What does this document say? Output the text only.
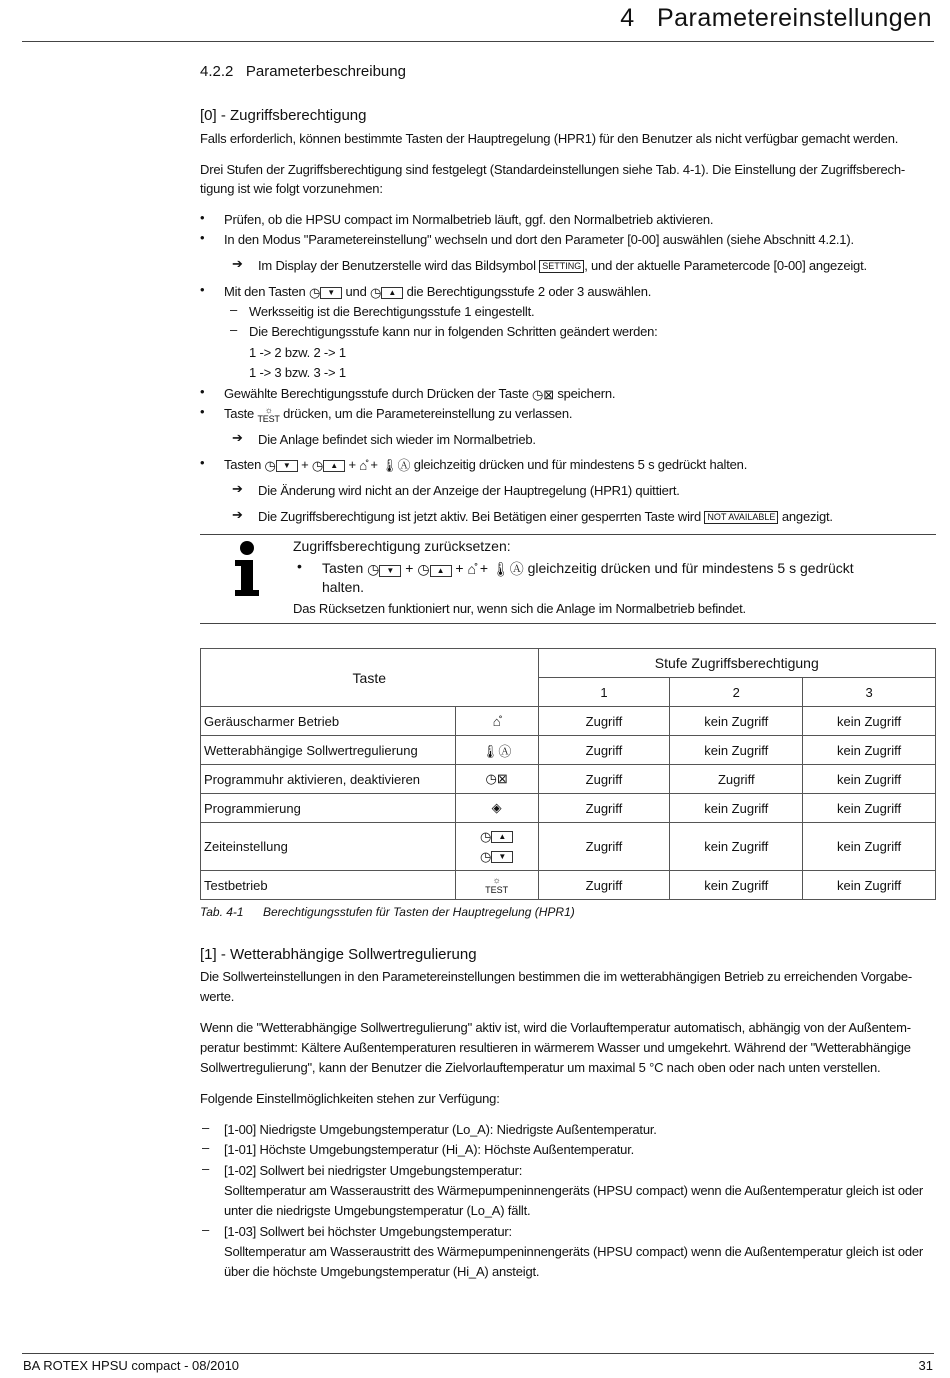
4   Parametereinstellungen
4.2.2   Parameterbeschreibung
[0] - Zugriffsberechtigung
Falls erforderlich, können bestimmte Tasten der Hauptregelung (HPR1) für den Benutzer als nicht verfügbar gemacht werden.
Drei Stufen der Zugriffsberechtigung sind festgelegt (Standardeinstellungen siehe Tab. 4-1). Die Einstellung der Zugriffsberech-
tigung ist wie folgt vorzunehmen:
• Prüfen, ob die HPSU compact im Normalbetrieb läuft, ggf. den Normalbetrieb aktivieren.
• In den Modus "Parametereinstellung" wechseln und dort den Parameter [0-00] auswählen (siehe Abschnitt 4.2.1).
➔ Im Display der Benutzerstelle wird das Bildsymbol SETTING , und der aktuelle Parametercode [0-00] angezeigt.
• Mit den Tasten ◷ ▼ und ◷ ▲ die Berechtigungsstufe 2 oder 3 auswählen.
– Werksseitig ist die Berechtigungsstufe 1 eingestellt.
– Die Berechtigungsstufe kann nur in folgenden Schritten geändert werden:
1 -> 2 bzw. 2 -> 1
1 -> 3 bzw. 3 -> 1
• Gewählte Berechtigungsstufe durch Drücken der Taste ◷⊠ speichern.
• Taste ☼
TEST drücken, um die Parametereinstellung zu verlassen.
➔ Die Anlage befindet sich wieder im Normalbetrieb.
• Tasten ◷ ▼ + ◷ ▲ + ⌂̊ + 🌡︎Ⓐ gleichzeitig drücken und für mindestens 5 s gedrückt halten.
➔ Die Änderung wird nicht an der Anzeige der Hauptregelung (HPR1) quittiert.
➔ Die Zugriffsberechtigung ist jetzt aktiv. Bei Betätigen einer gesperrten Taste wird NOT AVAILABLE angezigt.
Zugriffsberechtigung zurücksetzen:
• Tasten ◷ ▼ + ◷ ▲ + ⌂̊ + 🌡︎Ⓐ gleichzeitig drücken und für mindestens 5 s gedrückt
halten.
Das Rücksetzen funktioniert nur, wenn sich die Anlage im Normalbetrieb befindet.
Taste		Stufe Zugriffsberechtigung		
		1	2	3
Geräuscharmer Betrieb	⌂̊	Zugriff	kein Zugriff	kein Zugriff
Wetterabhängige Sollwertregulierung	🌡︎Ⓐ	Zugriff	kein Zugriff	kein Zugriff
Programmuhr aktivieren, deaktivieren	◷⊠	Zugriff	Zugriff	kein Zugriff
Programmierung	◈	Zugriff	kein Zugriff	kein Zugriff
Zeiteinstellung	◷ ▲
◷ ▼	Zugriff	kein Zugriff	kein Zugriff
Testbetrieb	☼
TEST	Zugriff	kein Zugriff	kein Zugriff
Tab. 4-1 Berechtigungsstufen für Tasten der Hauptregelung (HPR1)
[1] - Wetterabhängige Sollwertregulierung
Die Sollwerteinstellungen in den Parametereinstellungen bestimmen die im wetterabhängigen Betrieb zu erreichenden Vorgabe-
werte.
Wenn die "Wetterabhängige Sollwertregulierung" aktiv ist, wird die Vorlauftemperatur automatisch, abhängig von der Außentem-
peratur bestimmt: Kältere Außentemperaturen resultieren in wärmerem Wasser und umgekehrt. Während der "Wetterabhängige
Sollwertregulierung", kann der Benutzer die Zielvorlauftemperatur um maximal 5 °C nach oben oder nach unten verstellen.
Folgende Einstellmöglichkeiten stehen zur Verfügung:
– [1-00] Niedrigste Umgebungstemperatur (Lo_A): Niedrigste Außentemperatur.
– [1-01] Höchste Umgebungstemperatur (Hi_A): Höchste Außentemperatur.
– [1-02] Sollwert bei niedrigster Umgebungstemperatur:
Solltemperatur am Wasseraustritt des Wärmepumpeninnengeräts (HPSU compact) wenn die Außentemperatur gleich ist oder
unter die niedrigste Umgebungstemperatur (Lo_A) fällt.
– [1-03] Sollwert bei höchster Umgebungstemperatur:
Solltemperatur am Wasseraustritt des Wärmepumpeninnengeräts (HPSU compact) wenn die Außentemperatur gleich ist oder
über die höchste Umgebungstemperatur (Hi_A) ansteigt.
BA ROTEX HPSU compact - 08/2010	31
